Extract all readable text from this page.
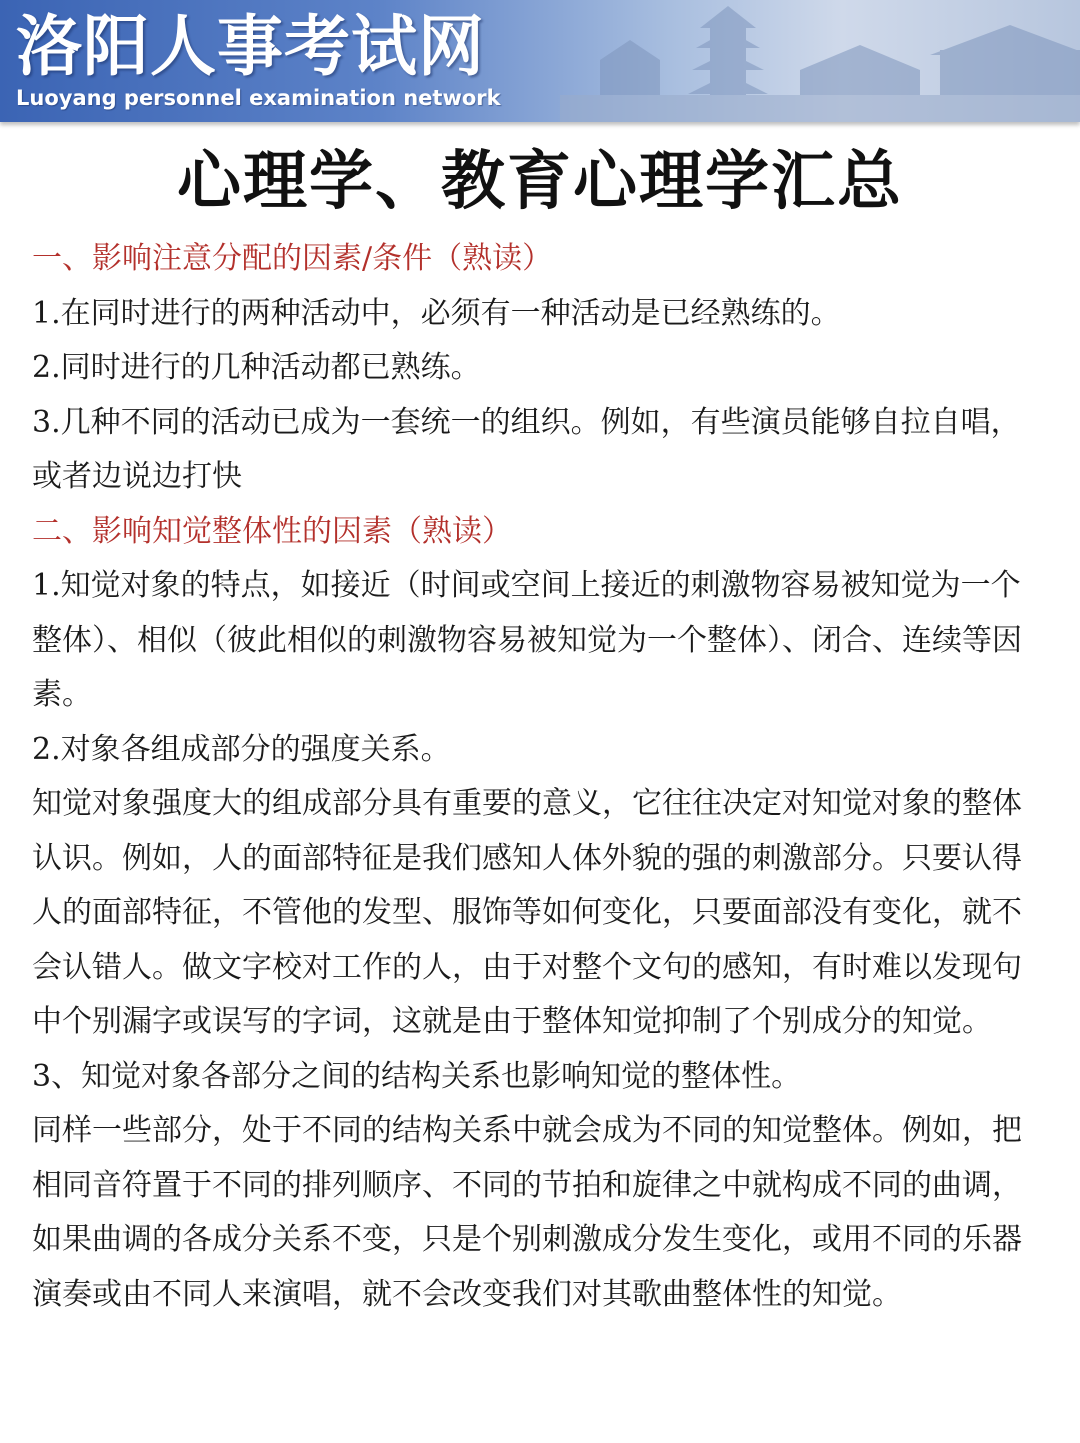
洛阳人事考试网
Luoyang personnel examination network
心理学、教育心理学汇总

一、影响注意分配的因素/条件（熟读）

1.在同时进行的两种活动中，必须有一种活动是已经熟练的。

2.同时进行的几种活动都已熟练。

3.几种不同的活动已成为一套统一的组织。例如，有些演员能够自拉自唱，或者边说边打快

二、影响知觉整体性的因素（熟读）

1.知觉对象的特点，如接近（时间或空间上接近的刺激物容易被知觉为一个整体）、相似（彼此相似的刺激物容易被知觉为一个整体）、闭合、连续等因素。

2.对象各组成部分的强度关系。

知觉对象强度大的组成部分具有重要的意义，它往往决定对知觉对象的整体认识。例如，人的面部特征是我们感知人体外貌的强的刺激部分。只要认得人的面部特征，不管他的发型、服饰等如何变化，只要面部没有变化，就不会认错人。做文字校对工作的人，由于对整个文句的感知，有时难以发现句中个别漏字或误写的字词，这就是由于整体知觉抑制了个别成分的知觉。

3、知觉对象各部分之间的结构关系也影响知觉的整体性。

同样一些部分，处于不同的结构关系中就会成为不同的知觉整体。例如，把相同音符置于不同的排列顺序、不同的节拍和旋律之中就构成不同的曲调，如果曲调的各成分关系不变，只是个别刺激成分发生变化，或用不同的乐器演奏或由不同人来演唱，就不会改变我们对其歌曲整体性的知觉。
